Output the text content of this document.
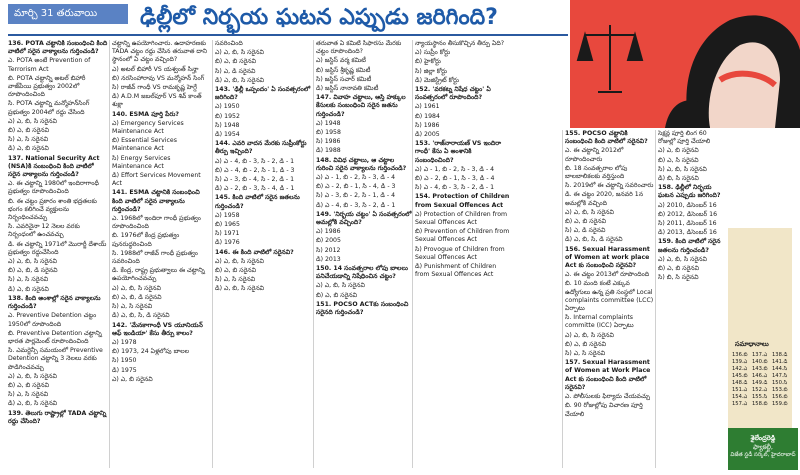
మార్చి 31 తరువాయి	ఢిల్లీలో నిర్భయ ఘటన ఎప్పుడు జరిగింది?

136. POTA చట్టానికి సంబంధించి కింది వాటిలో సరైన వాక్యాలను గుర్తించండి?

ఎ. POTA అంటే Prevention of Terrorism Act

బి. POTA చట్టాన్ని అటల్ బిహారీ వాజ్‌పేయి ప్రభుత్వం 2002లో రూపొందించింది

సి. POTA చట్టాన్ని మన్మోహన్‌సింగ్ ప్రభుత్వం 2004లో రద్దు చేసింది

ఎ) ఎ, బి, సి సరైనవి

బి) ఎ, బి సరైనవి

సి) ఎ, సి సరైనవి

డి) ఎ, బి సరైనవి

137. National Security Act (NSA)కి సంబంధించి కింది వాటిలో సరైన వాక్యాలను గుర్తించండి?

ఎ. ఈ చట్టాన్ని 1980లో ఇందిరాగాంధీ ప్రభుత్వం రూపొందించింది

బి. ఈ చట్టం ప్రకారం శాంతి భద్రతలకు భంగం కలిగించే వ్యక్తులను నిర్బంధించవచ్చు

సి. ఎవరినైనా 12 నెలల వరకు నిర్బంధంలో ఉంచవచ్చు

డి. ఈ చట్టాన్ని 1971లో మొరార్జీ దేశాయ్ ప్రభుత్వం రద్దుచేసింది

ఎ) ఎ, బి, సి సరైనవి

బి) ఎ, బి, డి సరైనవి

సి) ఎ, సి సరైనవి

డి) ఎ, బి సరైనవి

138. కింది అంశాల్లో సరైన వాక్యాలను గుర్తించండి?

ఎ. Preventive Detention చట్టం 1950లో రూపొందింది

బి. Preventive Detention చట్టాన్ని భారత పార్లమెంట్ రూపొందించింది

సి. ఎమర్జెన్సీ సమయంలో Preventive Detention చట్టాన్ని 3 నెలలు వరకు పొడిగించవచ్చు

ఎ) ఎ, బి, సి సరైనవి

బి) ఎ, బి సరైనవి

సి) ఎ, సి సరైనవి

డి) ఎ, బి, సి సరైనవి

139. తెలుగు రాష్ట్రాల్లో TADA చట్టాన్ని రద్దు చేసింది?

చట్టాన్ని ఉపయోగించారు. ఉదాహరణకు TADA చట్టం రద్దు చేసిన తరువాత దాని స్థానంలో ఏ చట్టం వచ్చింది?

ఎ) అటల్ బిహారీ VS యశ్వంత్ సిన్హా

బి) నరసింహారావు VS మన్మోహన్ సింగ్

సి) రాజీవ్ గాంధీ VS రామకృష్ణ హెగ్డే

డి) A.D.M జబల్‌పూర్ VS శివ్ కాంత్ శుక్లా

140. ESMA పూర్తి పేరు?

ఎ) Emergency Services Maintenance Act

బి) Essential Services Maintenance Act

సి) Energy Services Maintenance Act

డి) Effort Services Movement Act

141. ESMA చట్టానికి సంబంధించి కింది వాటిలో సరైన వాక్యాలను గుర్తించండి?

ఎ. 1968లో ఇందిరా గాంధీ ప్రభుత్వం రూపొందించింది

బి. 1976లో కేంద్ర ప్రభుత్వం పునరుద్ధరించింది

సి. 1988లో రాజీవ్ గాంధీ ప్రభుత్వం సవరించింది

డి. కేంద్ర, రాష్ట్ర ప్రభుత్వాలు ఈ చట్టాన్ని ఉపయోగించవచ్చు

ఎ) ఎ, బి, సి సరైనవి

బి) ఎ, బి, డి సరైనవి

సి) ఎ, సి సరైనవి

డి) ఎ, బి, సి, డి సరైనవి

142. 'మేనకాగాంధీ VS యూనియన్ ఆఫ్ ఇండియా' కేసు తీర్పు కాలం?

ఎ) 1978

బి) 1973, 24 ఏళ్లలోపు బాలల

సి) 1950

డి) 1975

ఎ) ఎ, బి సరైనవి

సవరించింది

ఎ) ఎ, బి, సి సరైనవి

బి) ఎ, బి సరైనవి

సి) ఎ, డి సరైనవి

డి) ఎ, బి, సి సరైనవి

143. 'ఢిల్లీ ఒప్పందం' ఏ సంవత్సరంలో జరిగింది?

ఎ) 1950

బి) 1952

సి) 1948

డి) 1954

144. ఎవరి వాదన మేరకు సుప్రీంకోర్టు తీర్పు ఇచ్చింది?

ఎ) ఎ - 4, బి - 3, సి - 2, డి - 1

బి) ఎ - 4, బి - 2, సి - 1, డి - 3

సి) ఎ - 3, బి - 4, సి - 2, డి - 1

డి) ఎ - 2, బి - 3, సి - 4, డి - 1

145. కింది వాటిలో సరైన జతలను గుర్తించండి?

ఎ) 1958

బి) 1965

సి) 1971

డి) 1976

146. ఈ కింది వాటిలో సరైనవి?

ఎ) ఎ, బి, సి సరైనవి

బి) ఎ, బి సరైనవి

సి) ఎ, సి సరైనవి

డి) ఎ, బి, సి సరైనవి

తరువాత ఏ కమిటీ సిఫారసు మేరకు చట్టం రూపొందింది?

ఎ) జస్టిస్ వర్మ కమిటీ

బి) జస్టిస్ శ్రీకృష్ణ కమిటీ

సి) జస్టిస్ సచార్ కమిటీ

డి) జస్టిస్ నానావతి కమిటీ

147. వివాహ చట్టాలు, ఆస్తి హక్కుల కేసులకు సంబంధించి సరైన జతను గుర్తించండి?

ఎ) 1948

బి) 1958

సి) 1986

డి) 1988

148. వివిధ చట్టాలు, ఆ చట్టాల గురించి సరైన వాక్యాలను గుర్తించండి?

ఎ) ఎ - 1, బి - 2, సి - 3, డి - 4

బి) ఎ - 2, బి - 1, సి - 4, డి - 3

సి) ఎ - 3, బి - 2, సి - 1, డి - 4

డి) ఎ - 4, బి - 3, సి - 2, డి - 1

149. 'నిర్భయ చట్టం' ఏ సంవత్సరంలో అమల్లోకి వచ్చింది?

ఎ) 1986

బి) 2005

సి) 2012

డి) 2013

150. 14 సంవత్సరాల లోపు బాలలు పనిచేయడాన్ని నిషేధించిన చట్టం?

ఎ) ఎ, బి, సి సరైనవి

బి) ఎ, బి సరైనవి

151. POCSO ACTకు సంబంధించి సరైనది గుర్తించండి?

న్యాయస్థానం తీసుకొచ్చిన తీర్పు ఏది?

ఎ) సుప్రీం కోర్టు

బి) హైకోర్టు

సి) జిల్లా కోర్టు

డి) మెజిస్ట్రేట్ కోర్టు

152. 'వరకట్న నిషేధ చట్టం' ఏ సంవత్సరంలో రూపొందింది?

ఎ) 1961

బి) 1984

సి) 1986

డి) 2005

153. 'రాజ్‌నారాయణ్ VS ఇందిరా గాంధీ' కేసు ఏ అంశానికి సంబంధించింది?

ఎ) ఎ - 1, బి - 2, సి - 3, డి - 4

బి) ఎ - 2, బి - 1, సి - 3, డి - 4

సి) ఎ - 4, బి - 3, సి - 2, డి - 1

154. Protection of Children from Sexual Offences Act

ఎ) Protection of Children from Sexual Offences Act

బి) Prevention of Children from Sexual Offences Act

సి) Provogue of Children from Sexual Offences Act

డి) Punishment of Children from Sexual Offences Act

155. POCSO చట్టానికి సంబంధించి కింది వాటిలో సరైనవి?

ఎ. ఈ చట్టాన్ని 2012లో రూపొందించారు

బి. 18 సంవత్సరాల లోపు బాలబాలికలకు వర్తిస్తుంది

సి. 2019లో ఈ చట్టాన్ని సవరించారు

డి. ఈ చట్టం 2020, జనవరి 1న అమల్లోకి వచ్చింది

ఎ) ఎ, బి, సి సరైనవి

బి) ఎ, బి సరైనవి

సి) ఎ, డి సరైనవి

డి) ఎ, బి, సి, డి సరైనవి

156. Sexual Harassment of Women at work place Act కు సంబంధించి సరైనవి?

ఎ. ఈ చట్టం 2013లో రూపొందింది

బి. 10 మంది కంటే ఎక్కువ ఉద్యోగులు ఉన్న ప్రతి సంస్థలో Local complaints committee (LCC) ఏర్పాటు

సి. Internal complaints committe (ICC) ఏర్పాటు

ఎ) ఎ, బి, సి సరైనవి

బి) ఎ, బి సరైనవి

సి) ఎ, సి సరైనవి

157. Sexual Harassment of Women at Work Place Act కు సంబంధించి కింది వాటిలో సరైనవి?

ఎ. పోలీసులకు ఫిర్యాదు చేయవచ్చు

బి. 90 రోజుల్లోపు విచారణ పూర్తి చేయాలి

సెక్షన్ల పూర్తి లింగ 60 రోజుల్లో పూర్తి చేయాలి

ఎ) ఎ, బి సరైనవి

బి) ఎ, సి సరైనవి

సి) ఎ, బి, సి సరైనవి

డి) బి, సి సరైనవి

158. ఢిల్లీలో నిర్భయ ఘటన ఎప్పుడు జరిగింది?

ఎ) 2010, డిసెంబర్ 16

బి) 2012, డిసెంబర్ 16

సి) 2011, డిసెంబర్ 16

డి) 2013, డిసెంబర్ 16

159. కింది వాటిలో సరైన జతలను గుర్తించండి?

ఎ) ఎ, బి, సి సరైనవి

బి) ఎ, బి సరైనవి

సి) బి, సి సరైనవి

సమాధానాలు
136.బి 137.ఎ 138.డి
139.ఎ 140.బి 141.డి
142.ఎ 143.బి 144.సి
145.బి 146.ఎ 147.సి
148.డి 149.డి 150.సి
151.ఎ 152.ఎ 153.బి
154.ఎ 155.సి 156.బి
157.ఎ 158.బి 159.బి
శైలేంద్రరెడ్డి
ఫ్యాకల్టీ,
విజేత స్టడీ సర్కిల్, హైదరాబాద్
